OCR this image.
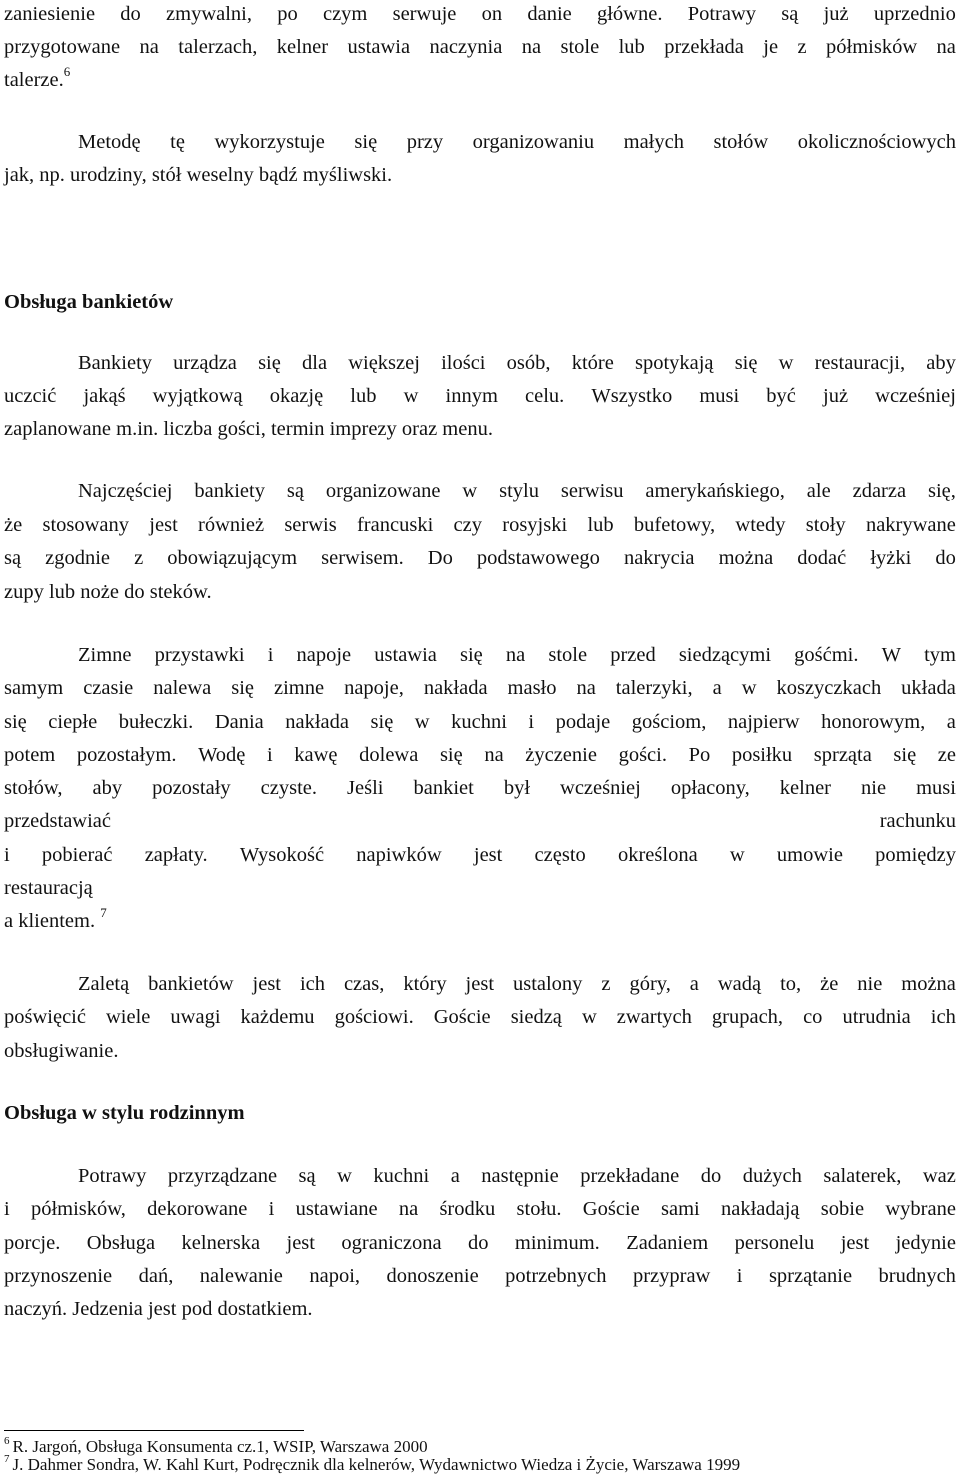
zaniesienie do zmywalni, po czym serwuje on danie główne. Potrawy są już uprzednio
przygotowane na talerzach, kelner ustawia naczynia na stole lub przekłada je z półmisków na
talerze.$^6$
Metodę tę wykorzystuje się przy organizowaniu małych stołów okolicznościowych
jak, np. urodziny, stół weselny bądź myśliwski.
Obsługa bankietów
Bankiety urządza się dla większej ilości osób, które spotykają się w restauracji, aby
uczcić jakąś wyjątkową okazję lub w innym celu. Wszystko musi być już wcześniej
zaplanowane m.in. liczba gości, termin imprezy oraz menu.
Najczęściej bankiety są organizowane w stylu serwisu amerykańskiego, ale zdarza się,
że stosowany jest również serwis francuski czy rosyjski lub bufetowy, wtedy stoły nakrywane
są zgodnie z obowiązującym serwisem. Do podstawowego nakrycia można dodać łyżki do
zupy lub noże do steków.
Zimne przystawki i napoje ustawia się na stole przed siedzącymi gośćmi. W tym
samym czasie nalewa się zimne napoje, nakłada masło na talerzyki, a w koszyczkach układa
się ciepłe bułeczki. Dania nakłada się w kuchni i podaje gościom, najpierw honorowym, a
potem pozostałym. Wodę i kawę dolewa się na życzenie gości. Po posiłku sprząta się ze
stołów, aby pozostały czyste. Jeśli bankiet był wcześniej opłacony, kelner nie musi
przedstawiać	rachunku
i pobierać zapłaty. Wysokość napiwków jest często określona w umowie pomiędzy
restauracją
a klientem. $^7$
Zaletą bankietów jest ich czas, który jest ustalony z góry, a wadą to, że nie można
poświęcić wiele uwagi każdemu gościowi. Goście siedzą w zwartych grupach, co utrudnia ich
obsługiwanie.
Obsługa w stylu rodzinnym
Potrawy przyrządzane są w kuchni a następnie przekładane do dużych salaterek, waz
i półmisków, dekorowane i ustawiane na środku stołu. Goście sami nakładają sobie wybrane
porcje. Obsługa kelnerska jest ograniczona do minimum. Zadaniem personelu jest jedynie
przynoszenie dań, nalewanie napoi, donoszenie potrzebnych przypraw i sprzątanie brudnych
naczyń. Jedzenia jest pod dostatkiem.
$^6$ R. Jargoń, Obsługa Konsumenta cz.1, WSIP, Warszawa 2000
$^7$ J. Dahmer Sondra, W. Kahl Kurt, Podręcznik dla kelnerów, Wydawnictwo Wiedza i Życie, Warszawa 1999
